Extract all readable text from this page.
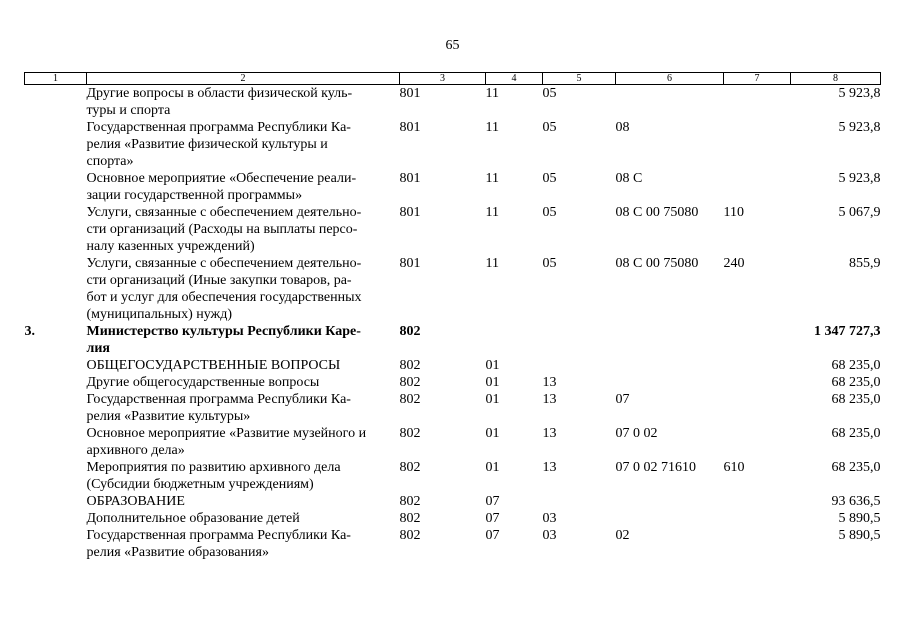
65
1	2	3	4	5	6	7	8
	Другие вопросы в области физической куль-
туры и спорта	801	11	05			5 923,8
	Государственная программа Республики Ка-
релия «Развитие физической культуры и
спорта»	801	11	05	08		5 923,8
	Основное мероприятие «Обеспечение реали-
зации государственной программы»	801	11	05	08 С		5 923,8
	Услуги, связанные с обеспечением деятельно-
сти организаций (Расходы на выплаты персо-
налу казенных учреждений)	801	11	05	08 С 00 75080	110	5 067,9
	Услуги, связанные с обеспечением деятельно-
сти организаций (Иные закупки товаров, ра-
бот и услуг для обеспечения государственных
(муниципальных) нужд)	801	11	05	08 С 00 75080	240	855,9
3.	Министерство культуры Республики Каре-
лия	802					1 347 727,3
	ОБЩЕГОСУДАРСТВЕННЫЕ ВОПРОСЫ	802	01				68 235,0
	Другие общегосударственные вопросы	802	01	13			68 235,0
	Государственная программа Республики Ка-
релия «Развитие культуры»	802	01	13	07		68 235,0
	Основное мероприятие «Развитие музейного и
архивного дела»	802	01	13	07 0 02		68 235,0
	Мероприятия по развитию архивного дела
(Субсидии бюджетным учреждениям)	802	01	13	07 0 02 71610	610	68 235,0
	ОБРАЗОВАНИЕ	802	07				93 636,5
	Дополнительное образование детей	802	07	03			5 890,5
	Государственная программа Республики Ка-
релия «Развитие образования»	802	07	03	02		5 890,5
